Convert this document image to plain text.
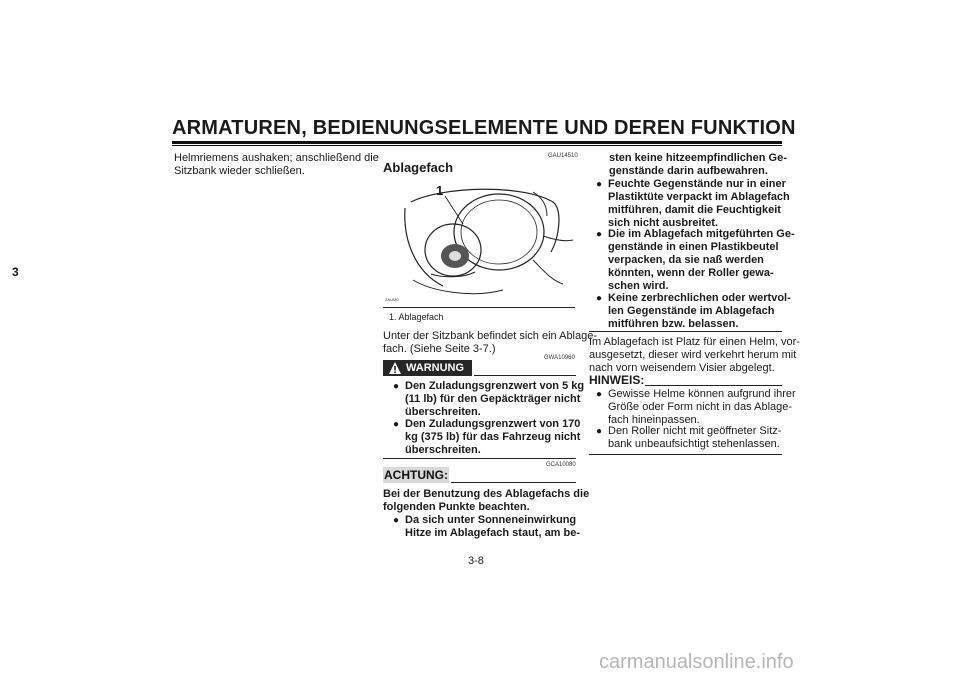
ARMATUREN, BEDIENUNGSELEMENTE UND DEREN FUNKTION
3
Helmriemens aushaken; anschließend die
Sitzbank wieder schließen.
GAU14510
Ablagefach
1
ZAUM0
1. Ablagefach
Unter der Sitzbank befindet sich ein Ablage-
fach. (Siehe Seite 3-7.)
GWA10960
WARNUNG
● Den Zuladungsgrenzwert von 5 kg
(11 lb) für den Gepäckträger nicht
überschreiten.
● Den Zuladungsgrenzwert von 170
kg (375 lb) für das Fahrzeug nicht
überschreiten.
GCA10080
ACHTUNG:
Bei der Benutzung des Ablagefachs die
folgenden Punkte beachten.
● Da sich unter Sonneneinwirkung
Hitze im Ablagefach staut, am be-
sten keine hitzeempfindlichen Ge-
genstände darin aufbewahren.
● Feuchte Gegenstände nur in einer
Plastiktüte verpackt im Ablagefach
mitführen, damit die Feuchtigkeit
sich nicht ausbreitet.
● Die im Ablagefach mitgeführten Ge-
genstände in einen Plastikbeutel
verpacken, da sie naß werden
könnten, wenn der Roller gewa-
schen wird.
● Keine zerbrechlichen oder wertvol-
len Gegenstände im Ablagefach
mitführen bzw. belassen.
Im Ablagefach ist Platz für einen Helm, vor-
ausgesetzt, dieser wird verkehrt herum mit
nach vorn weisendem Visier abgelegt.
HINWEIS:
● Gewisse Helme können aufgrund ihrer
Größe oder Form nicht in das Ablage-
fach hineinpassen.
● Den Roller nicht mit geöffneter Sitz-
bank unbeaufsichtigt stehenlassen.
3-8
carmanualsonline.info
